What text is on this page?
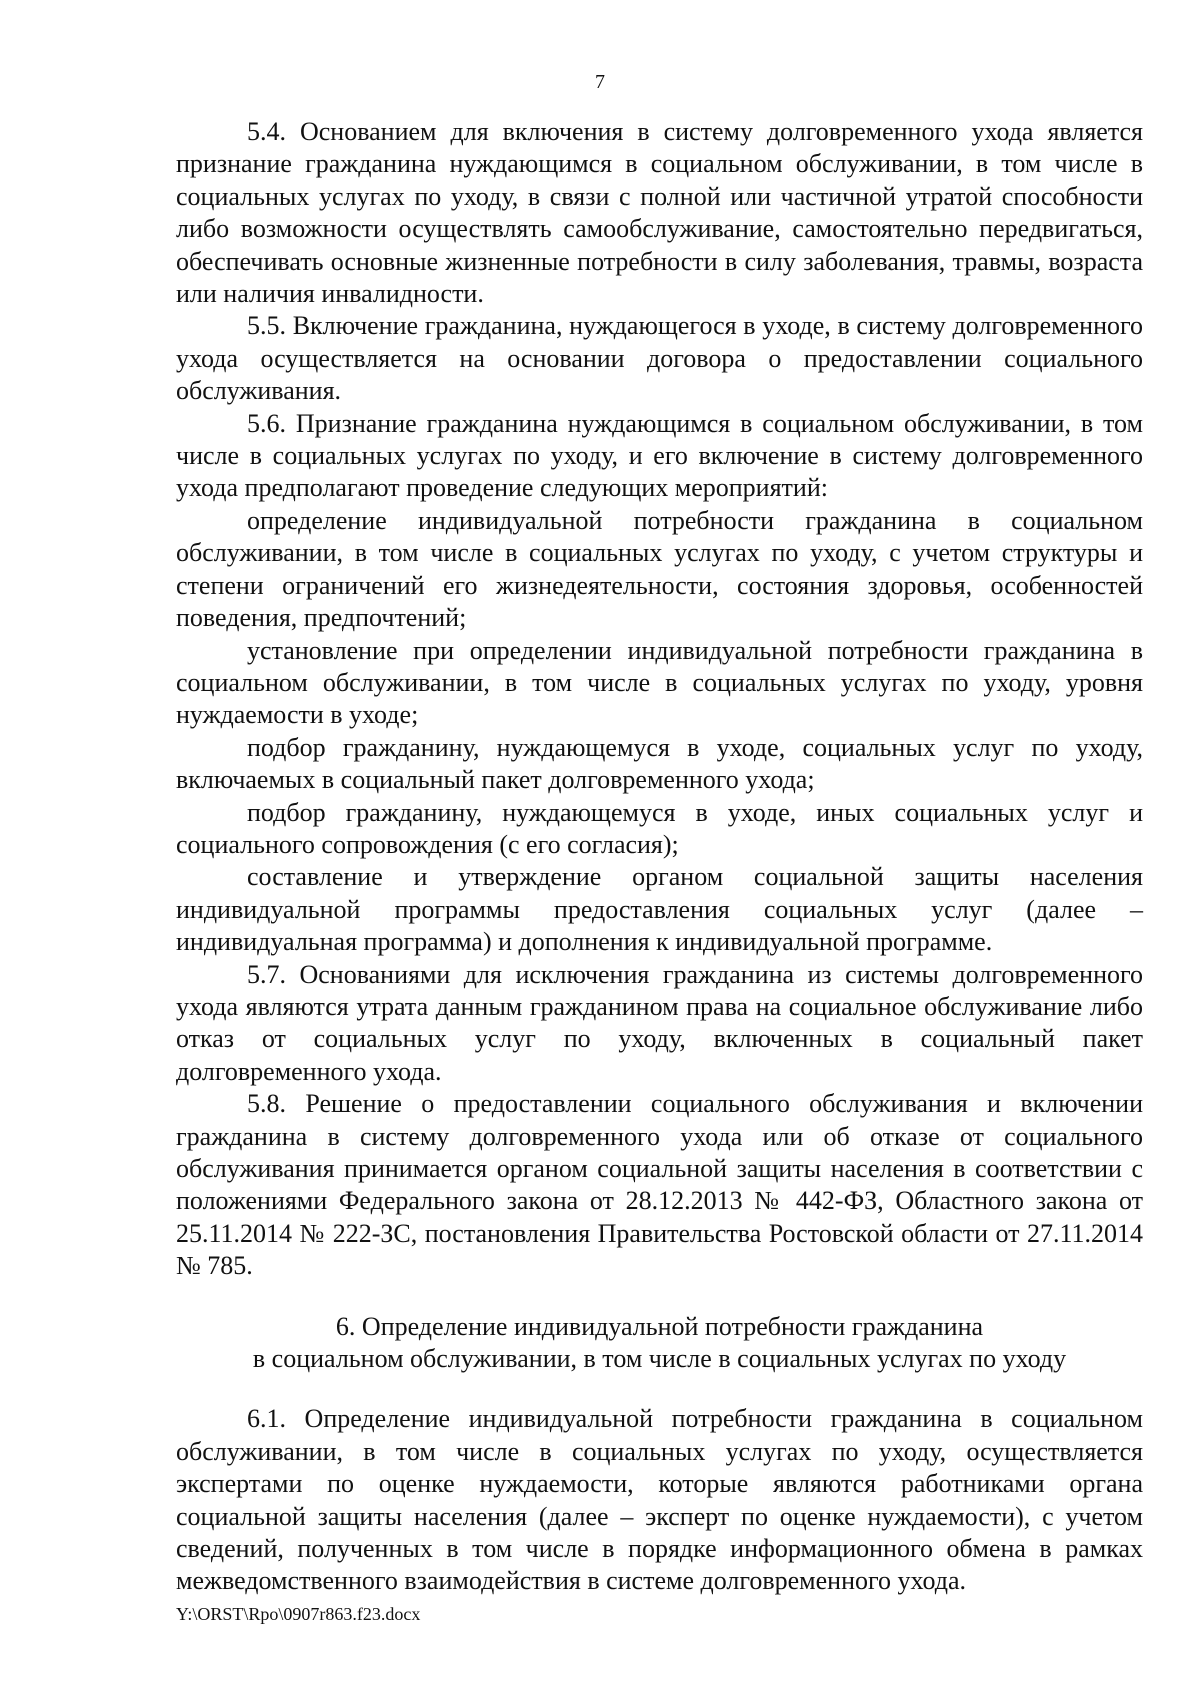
7

5.4. Основанием для включения в систему долговременного ухода является признание гражданина нуждающимся в социальном обслуживании, в том числе в социальных услугах по уходу, в связи с полной или частичной утратой способности либо возможности осуществлять самообслуживание, самостоятельно передвигаться, обеспечивать основные жизненные потребности в силу заболевания, травмы, возраста или наличия инвалидности.

5.5. Включение гражданина, нуждающегося в уходе, в систему долговременного ухода осуществляется на основании договора о предоставлении социального обслуживания.

5.6. Признание гражданина нуждающимся в социальном обслуживании, в том числе в социальных услугах по уходу, и его включение в систему долговременного ухода предполагают проведение следующих мероприятий:

определение индивидуальной потребности гражданина в социальном обслуживании, в том числе в социальных услугах по уходу, с учетом структуры и степени ограничений его жизнедеятельности, состояния здоровья, особенностей поведения, предпочтений;

установление при определении индивидуальной потребности гражданина в социальном обслуживании, в том числе в социальных услугах по уходу, уровня нуждаемости в уходе;

подбор гражданину, нуждающемуся в уходе, социальных услуг по уходу, включаемых в социальный пакет долговременного ухода;

подбор гражданину, нуждающемуся в уходе, иных социальных услуг и социального сопровождения (с его согласия);

составление и утверждение органом социальной защиты населения индивидуальной программы предоставления социальных услуг (далее – индивидуальная программа) и дополнения к индивидуальной программе.

5.7. Основаниями для исключения гражданина из системы долговременного ухода являются утрата данным гражданином права на социальное обслуживание либо отказ от социальных услуг по уходу, включенных в социальный пакет долговременного ухода.

5.8. Решение о предоставлении социального обслуживания и включении гражданина в систему долговременного ухода или об отказе от социального обслуживания принимается органом социальной защиты населения в соответствии с положениями Федерального закона от 28.12.2013 № 442-ФЗ, Областного закона от 25.11.2014 № 222-ЗС, постановления Правительства Ростовской области от 27.11.2014 № 785.

6. Определение индивидуальной потребности гражданина
в социальном обслуживании, в том числе в социальных услугах по уходу

6.1. Определение индивидуальной потребности гражданина в социальном обслуживании, в том числе в социальных услугах по уходу, осуществляется экспертами по оценке нуждаемости, которые являются работниками органа социальной защиты населения (далее – эксперт по оценке нуждаемости), с учетом сведений, полученных в том числе в порядке информационного обмена в рамках межведомственного взаимодействия в системе долговременного ухода.

Y:\ORST\Rpo\0907r863.f23.docx
